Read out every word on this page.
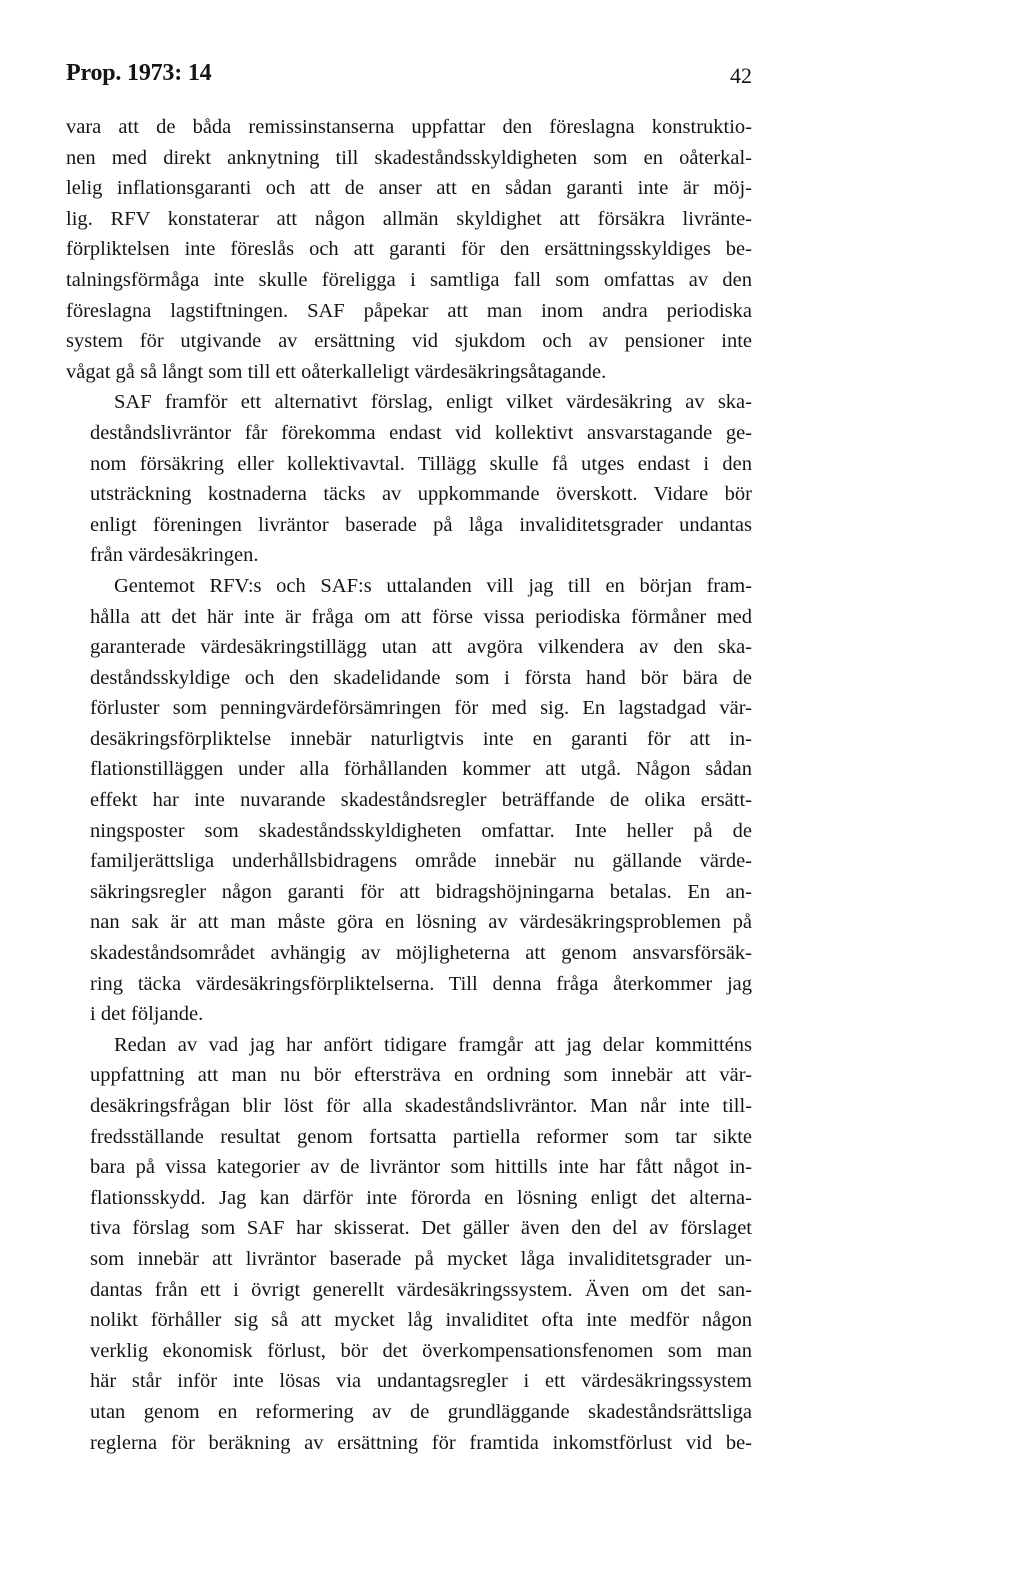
Prop. 1973: 14	42

vara att de båda remissinstanserna uppfattar den föreslagna konstruktio-
nen med direkt anknytning till skadeståndsskyldigheten som en oåterkal-
lelig inflationsgaranti och att de anser att en sådan garanti inte är möj-
lig. RFV konstaterar att någon allmän skyldighet att försäkra livränte-
förpliktelsen inte föreslås och att garanti för den ersättningsskyldiges be-
talningsförmåga inte skulle föreligga i samtliga fall som omfattas av den
föreslagna lagstiftningen. SAF påpekar att man inom andra periodiska
system för utgivande av ersättning vid sjukdom och av pensioner inte
vågat gå så långt som till ett oåterkalleligt värdesäkringsåtagande.

SAF framför ett alternativt förslag, enligt vilket värdesäkring av ska-
deståndslivräntor får förekomma endast vid kollektivt ansvarstagande ge-
nom försäkring eller kollektivavtal. Tillägg skulle få utges endast i den
utsträckning kostnaderna täcks av uppkommande överskott. Vidare bör
enligt föreningen livräntor baserade på låga invaliditetsgrader undantas
från värdesäkringen.

Gentemot RFV:s och SAF:s uttalanden vill jag till en början fram-
hålla att det här inte är fråga om att förse vissa periodiska förmåner med
garanterade värdesäkringstillägg utan att avgöra vilkendera av den ska-
deståndsskyldige och den skadelidande som i första hand bör bära de
förluster som penningvärdeförsämringen för med sig. En lagstadgad vär-
desäkringsförpliktelse innebär naturligtvis inte en garanti för att in-
flationstilläggen under alla förhållanden kommer att utgå. Någon sådan
effekt har inte nuvarande skadeståndsregler beträffande de olika ersätt-
ningsposter som skadeståndsskyldigheten omfattar. Inte heller på de
familjerättsliga underhållsbidragens område innebär nu gällande värde-
säkringsregler någon garanti för att bidragshöjningarna betalas. En an-
nan sak är att man måste göra en lösning av värdesäkringsproblemen på
skadeståndsområdet avhängig av möjligheterna att genom ansvarsförsäk-
ring täcka värdesäkringsförpliktelserna. Till denna fråga återkommer jag
i det följande.

Redan av vad jag har anfört tidigare framgår att jag delar kommitténs
uppfattning att man nu bör eftersträva en ordning som innebär att vär-
desäkringsfrågan blir löst för alla skadeståndslivräntor. Man når inte till-
fredsställande resultat genom fortsatta partiella reformer som tar sikte
bara på vissa kategorier av de livräntor som hittills inte har fått något in-
flationsskydd. Jag kan därför inte förorda en lösning enligt det alterna-
tiva förslag som SAF har skisserat. Det gäller även den del av förslaget
som innebär att livräntor baserade på mycket låga invaliditetsgrader un-
dantas från ett i övrigt generellt värdesäkringssystem. Även om det san-
nolikt förhåller sig så att mycket låg invaliditet ofta inte medför någon
verklig ekonomisk förlust, bör det överkompensationsfenomen som man
här står inför inte lösas via undantagsregler i ett värdesäkringssystem
utan genom en reformering av de grundläggande skadeståndsrättsliga
reglerna för beräkning av ersättning för framtida inkomstförlust vid be-
